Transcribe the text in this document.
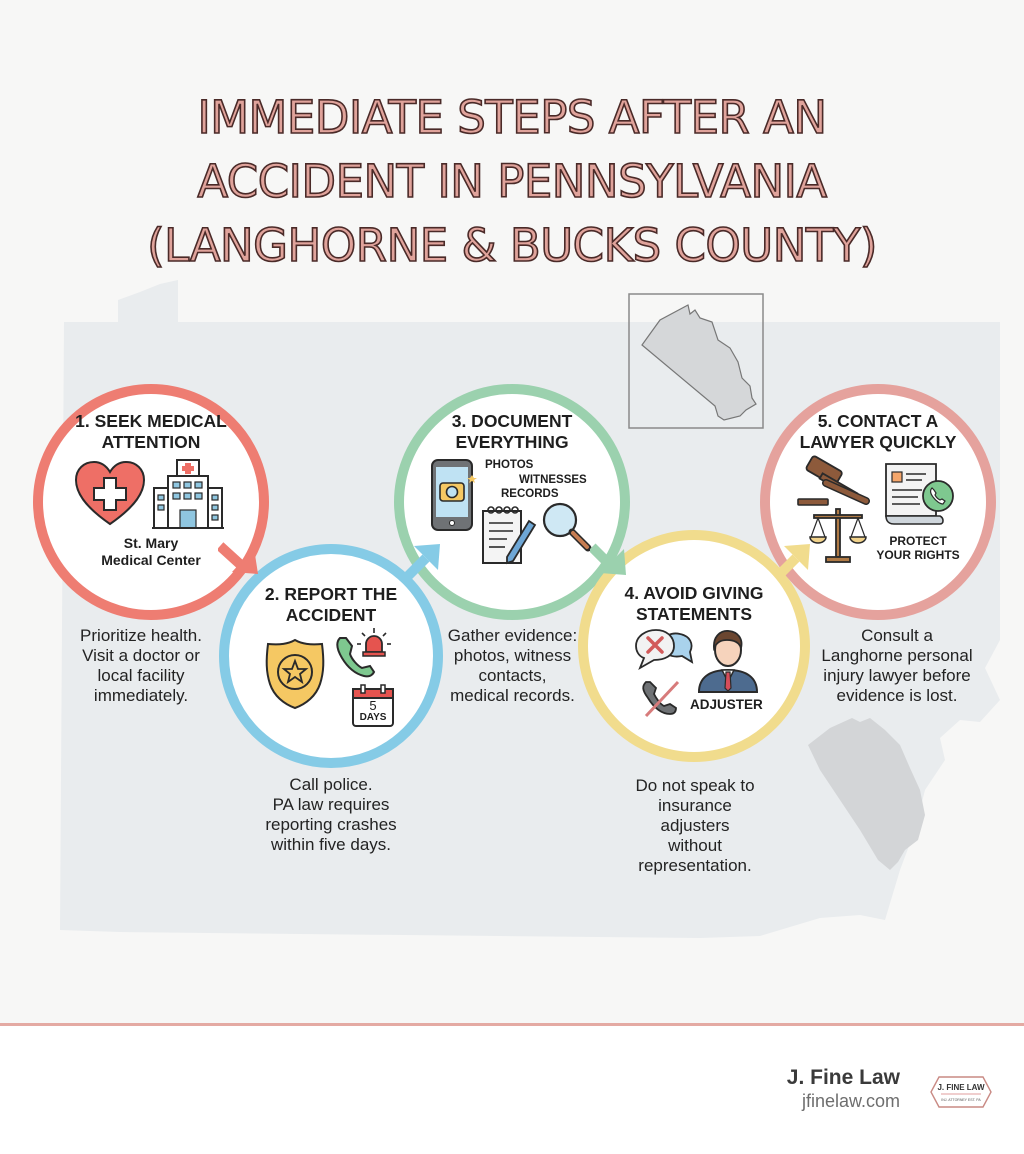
IMMEDIATE STEPS AFTER AN
ACCIDENT IN PENNSYLVANIA
(LANGHORNE & BUCKS COUNTY)
1. SEEK MEDICAL
ATTENTION
St. Mary
Medical Center
Prioritize health.
Visit a doctor or
local facility
immediately.
2. REPORT THE
ACCIDENT
5
DAYS
Call police.
PA law requires
reporting crashes
within five days.
3. DOCUMENT
EVERYTHING
PHOTOS
WITNESSES
RECORDS
Gather evidence:
photos, witness
contacts,
medical records.
4. AVOID GIVING
STATEMENTS
ADJUSTER
Do not speak to
insurance
adjusters
without
representation.
5. CONTACT A
LAWYER QUICKLY
PROTECT
YOUR RIGHTS
Consult a
Langhorne personal
injury lawyer before
evidence is lost.
J. Fine Law
jfinelaw.com
J. FINE LAW
INJ. ATTORNEY EST. PA
